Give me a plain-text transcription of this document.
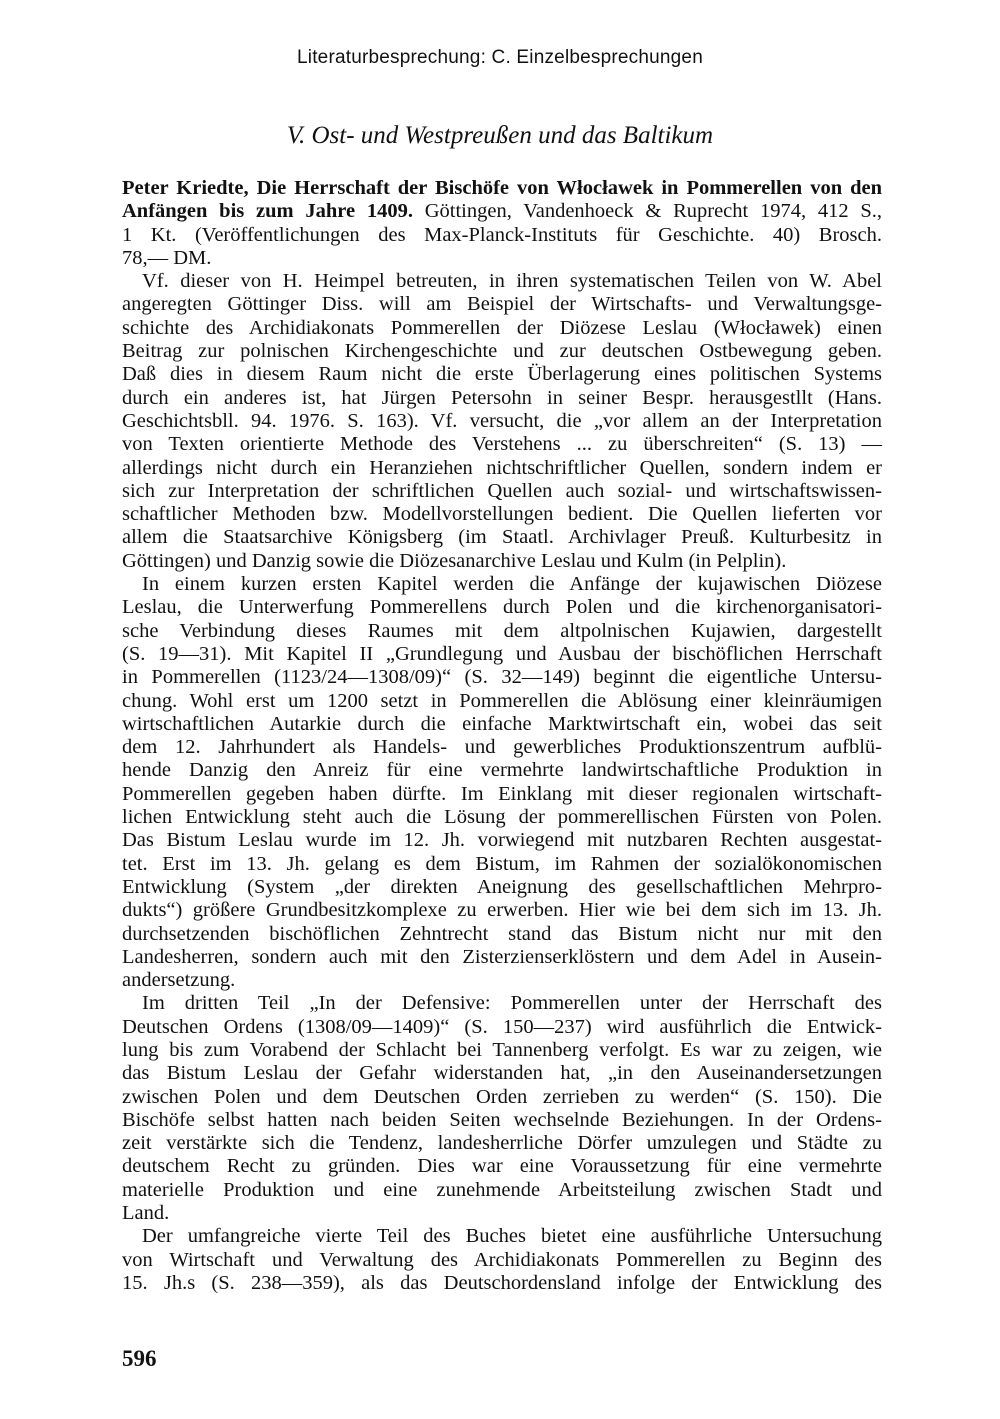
Literaturbesprechung: C. Einzelbesprechungen
V. Ost- und Westpreußen und das Baltikum
Peter Kriedte, Die Herrschaft der Bischöfe von Włocławek in Pommerellen von den
Anfängen bis zum Jahre 1409. Göttingen, Vandenhoeck & Ruprecht 1974, 412 S.,
1 Kt. (Veröffentlichungen des Max-Planck-Instituts für Geschichte. 40) Brosch.
78,— DM.
Vf. dieser von H. Heimpel betreuten, in ihren systematischen Teilen von W. Abel
angeregten Göttinger Diss. will am Beispiel der Wirtschafts- und Verwaltungsge-
schichte des Archidiakonats Pommerellen der Diözese Leslau (Włocławek) einen
Beitrag zur polnischen Kirchengeschichte und zur deutschen Ostbewegung geben.
Daß dies in diesem Raum nicht die erste Überlagerung eines politischen Systems
durch ein anderes ist, hat Jürgen Petersohn in seiner Bespr. herausgestllt (Hans.
Geschichtsbll. 94. 1976. S. 163). Vf. versucht, die „vor allem an der Interpretation
von Texten orientierte Methode des Verstehens ... zu überschreiten“ (S. 13) —
allerdings nicht durch ein Heranziehen nichtschriftlicher Quellen, sondern indem er
sich zur Interpretation der schriftlichen Quellen auch sozial- und wirtschaftswissen-
schaftlicher Methoden bzw. Modellvorstellungen bedient. Die Quellen lieferten vor
allem die Staatsarchive Königsberg (im Staatl. Archivlager Preuß. Kulturbesitz in
Göttingen) und Danzig sowie die Diözesanarchive Leslau und Kulm (in Pelplin).
In einem kurzen ersten Kapitel werden die Anfänge der kujawischen Diözese
Leslau, die Unterwerfung Pommerellens durch Polen und die kirchenorganisatori-
sche Verbindung dieses Raumes mit dem altpolnischen Kujawien, dargestellt
(S. 19—31). Mit Kapitel II „Grundlegung und Ausbau der bischöflichen Herrschaft
in Pommerellen (1123/24—1308/09)“ (S. 32—149) beginnt die eigentliche Untersu-
chung. Wohl erst um 1200 setzt in Pommerellen die Ablösung einer kleinräumigen
wirtschaftlichen Autarkie durch die einfache Marktwirtschaft ein, wobei das seit
dem 12. Jahrhundert als Handels- und gewerbliches Produktionszentrum aufblü-
hende Danzig den Anreiz für eine vermehrte landwirtschaftliche Produktion in
Pommerellen gegeben haben dürfte. Im Einklang mit dieser regionalen wirtschaft-
lichen Entwicklung steht auch die Lösung der pommerellischen Fürsten von Polen.
Das Bistum Leslau wurde im 12. Jh. vorwiegend mit nutzbaren Rechten ausgestat-
tet. Erst im 13. Jh. gelang es dem Bistum, im Rahmen der sozialökonomischen
Entwicklung (System „der direkten Aneignung des gesellschaftlichen Mehrpro-
dukts“) größere Grundbesitzkomplexe zu erwerben. Hier wie bei dem sich im 13. Jh.
durchsetzenden bischöflichen Zehntrecht stand das Bistum nicht nur mit den
Landesherren, sondern auch mit den Zisterzienserklöstern und dem Adel in Ausein-
andersetzung.
Im dritten Teil „In der Defensive: Pommerellen unter der Herrschaft des
Deutschen Ordens (1308/09—1409)“ (S. 150—237) wird ausführlich die Entwick-
lung bis zum Vorabend der Schlacht bei Tannenberg verfolgt. Es war zu zeigen, wie
das Bistum Leslau der Gefahr widerstanden hat, „in den Auseinandersetzungen
zwischen Polen und dem Deutschen Orden zerrieben zu werden“ (S. 150). Die
Bischöfe selbst hatten nach beiden Seiten wechselnde Beziehungen. In der Ordens-
zeit verstärkte sich die Tendenz, landesherrliche Dörfer umzulegen und Städte zu
deutschem Recht zu gründen. Dies war eine Voraussetzung für eine vermehrte
materielle Produktion und eine zunehmende Arbeitsteilung zwischen Stadt und
Land.
Der umfangreiche vierte Teil des Buches bietet eine ausführliche Untersuchung
von Wirtschaft und Verwaltung des Archidiakonats Pommerellen zu Beginn des
15. Jh.s (S. 238—359), als das Deutschordensland infolge der Entwicklung des
596
